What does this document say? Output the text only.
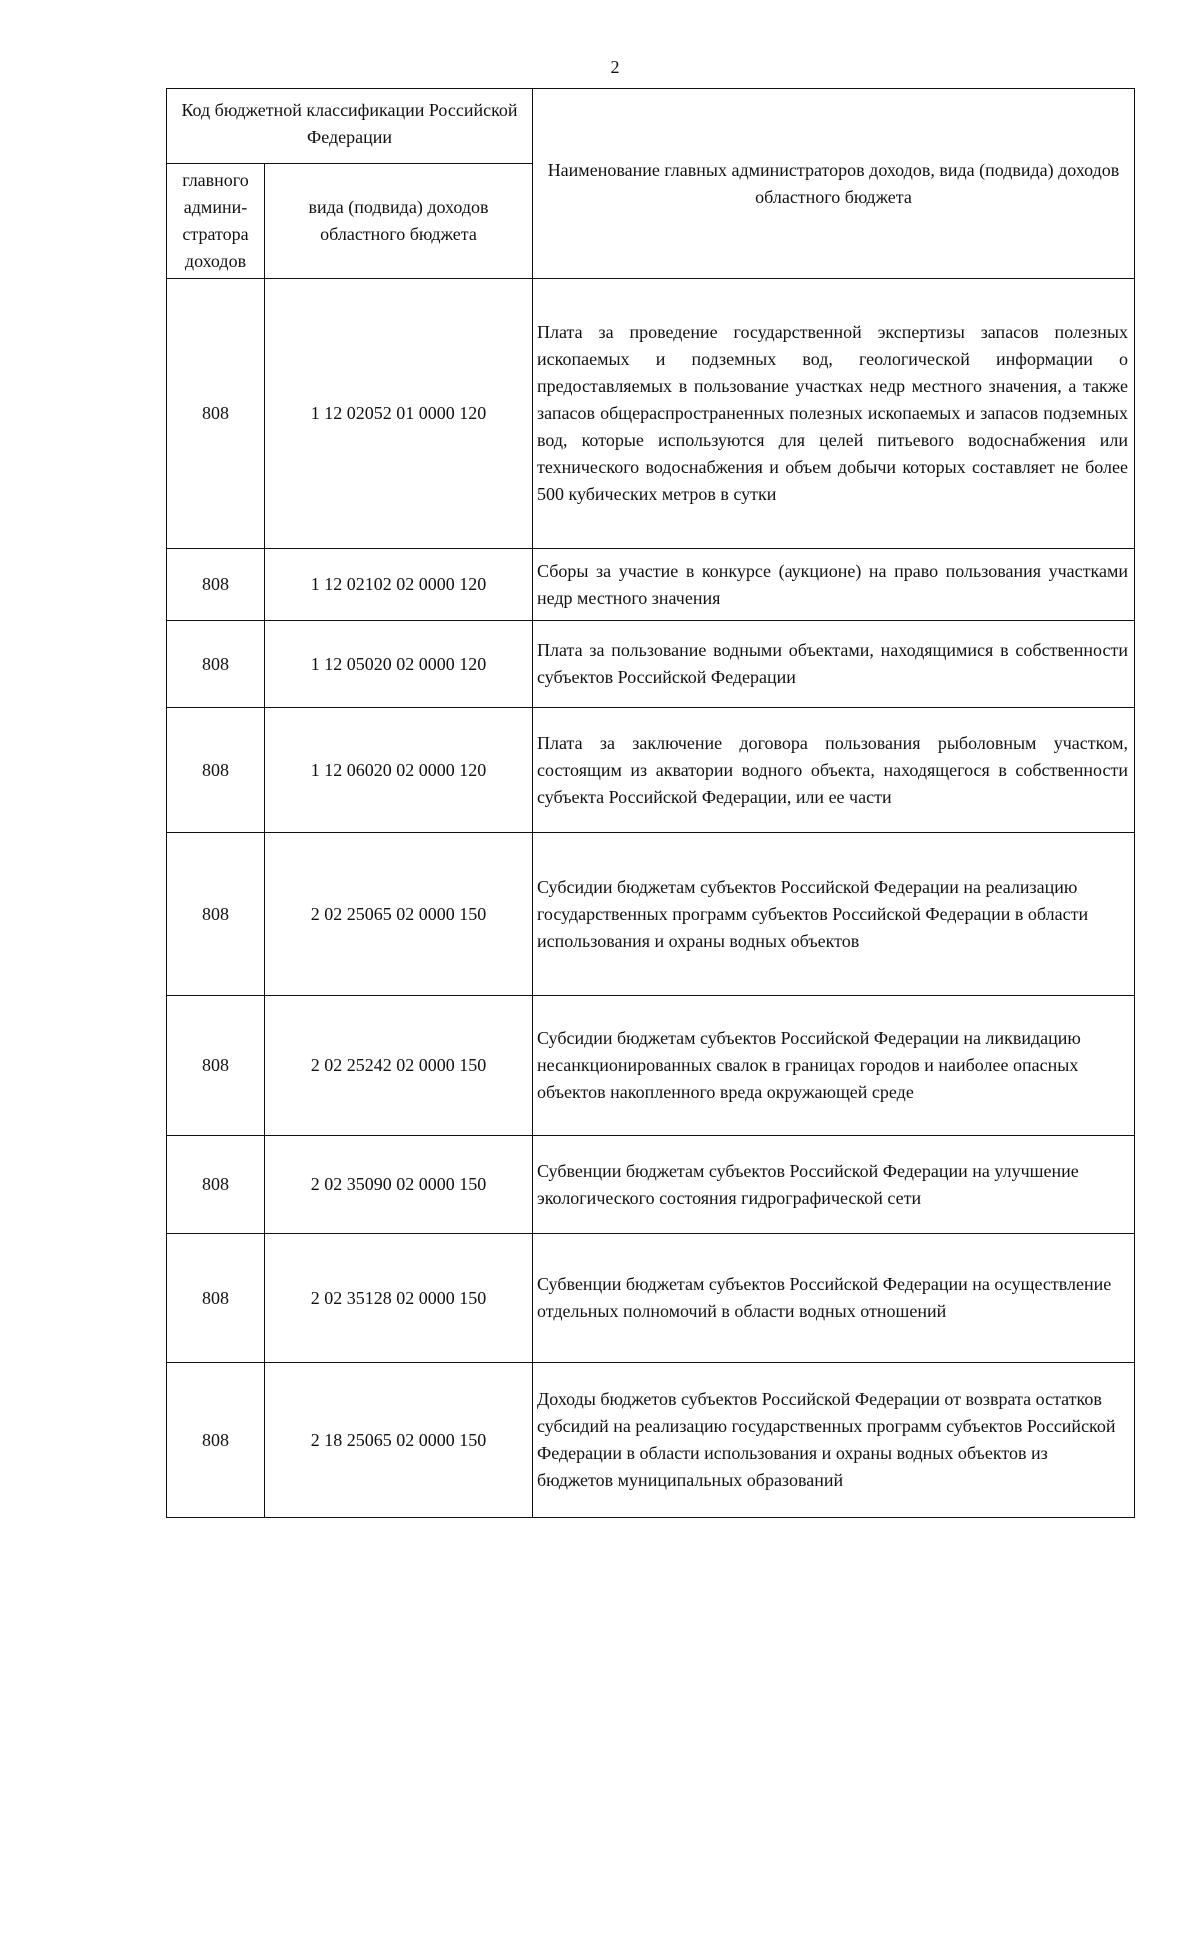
2
Код бюджетной классификации Российской Федерации		Наименование главных администраторов доходов, вида (подвида) доходов областного бюджета
главного админи-стратора доходов	вида (подвида) доходов областного бюджета	
808	1 12 02052 01 0000 120	Плата за проведение государственной экспертизы запасов полезных ископаемых и подземных вод, геологической информации о предоставляемых в пользование участках недр местного значения, а также запасов общераспространенных полезных ископаемых и запасов подземных вод, которые используются для целей питьевого водоснабжения или технического водоснабжения и объем добычи которых составляет не более 500 кубических метров в сутки
808	1 12 02102 02 0000 120	Сборы за участие в конкурсе (аукционе) на право пользования участками недр местного значения
808	1 12 05020 02 0000 120	Плата за пользование водными объектами, находящимися в собственности субъектов Российской Федерации
808	1 12 06020 02 0000 120	Плата за заключение договора пользования рыболовным участком, состоящим из акватории водного объекта, находящегося в собственности субъекта Российской Федерации, или ее части
808	2 02 25065 02 0000 150	Субсидии бюджетам субъектов Российской Федерации на реализацию государственных программ субъектов Российской Федерации в области использования и охраны водных объектов
808	2 02 25242 02 0000 150	Субсидии бюджетам субъектов Российской Федерации на ликвидацию несанкционированных свалок в границах городов и наиболее опасных объектов накопленного вреда окружающей среде
808	2 02 35090 02 0000 150	Субвенции бюджетам субъектов Российской Федерации на улучшение экологического состояния гидрографической сети
808	2 02 35128 02 0000 150	Субвенции бюджетам субъектов Российской Федерации на осуществление отдельных полномочий в области водных отношений
808	2 18 25065 02 0000 150	Доходы бюджетов субъектов Российской Федерации от возврата остатков субсидий на реализацию государственных программ субъектов Российской Федерации в области использования и охраны водных объектов из бюджетов муниципальных образований
